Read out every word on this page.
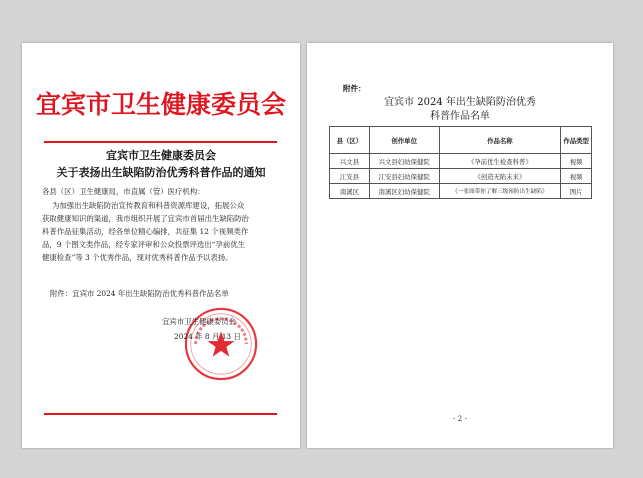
宜宾市卫生健康委员会
宜宾市卫生健康委员会
关于表扬出生缺陷防治优秀科普作品的通知
各县（区）卫生健康局，市直属（管）医疗机构：
为加强出生缺陷防治宣传教育和科普资源库建设，拓展公众
获取健康知识的渠道，我市组织开展了宜宾市首届出生缺陷防治
科普作品征集活动，经各单位精心编排，共征集 12 个视频类作
品，9 个图文类作品，经专家评审和公众投票评选出“孕前优生
健康检查”等 3 个优秀作品，现对优秀科普作品予以表扬。
附件：宜宾市 2024 年出生缺陷防治优秀科普作品名单
宜宾市卫生健康委员会
2024 年 8 月 13 日
附件：
宜宾市 2024 年出生缺陷防治优秀
科普作品名单
县（区）	创作单位	作品名称	作品类型
兴文县	兴文县妇幼保健院	《孕前优生检查科普》	视频
江安县	江安县妇幼保健院	《创造无陷未来》	视频
南溪区	南溪区妇幼保健院	《一张图带你了解三级预防出生缺陷》	图片
- 2 -
